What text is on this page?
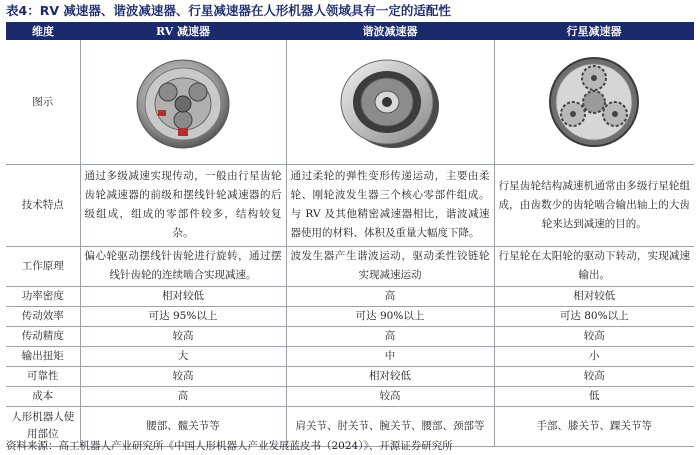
表4：RV 减速器、谐波减速器、行星减速器在人形机器人领域具有一定的适配性
维度	RV 减速器	谐波减速器	行星减速器
图示	

技术特点	通过多级减速实现传动，一般由行星齿轮齿轮减速器的前级和摆线针轮减速器的后级组成，组成的零部件较多，结构较复杂。	通过柔轮的弹性变形传递运动，主要由柔轮、刚轮波发生器三个核心零部件组成。与 RV 及其他精密减速器相比，谐波减速器使用的材料、体积及重量大幅度下降。	行星齿轮结构减速机通常由多级行星轮组成，由齿数少的齿轮啮合输出轴上的大齿轮来达到减速的目的。
工作原理	偏心轮驱动摆线针齿轮进行旋转，通过摆线针齿轮的连续啮合实现减速。	波发生器产生谐波运动，驱动柔性铰链轮实现减速运动	行星轮在太阳轮的驱动下转动，实现减速输出。
功率密度	相对较低	高	相对较低
传动效率	可达 95%以上	可达 90%以上	可达 80%以上
传动精度	较高	高	较高
输出扭矩	大	中	小
可靠性	较高	相对较低	较高
成本	高	较高	低
人形机器人使用部位	腰部、髋关节等	肩关节、肘关节、腕关节、腰部、颈部等	手部、膝关节、踝关节等
资料来源：高工机器人产业研究所《中国人形机器人产业发展蓝皮书（2024）》、开源证券研究所
